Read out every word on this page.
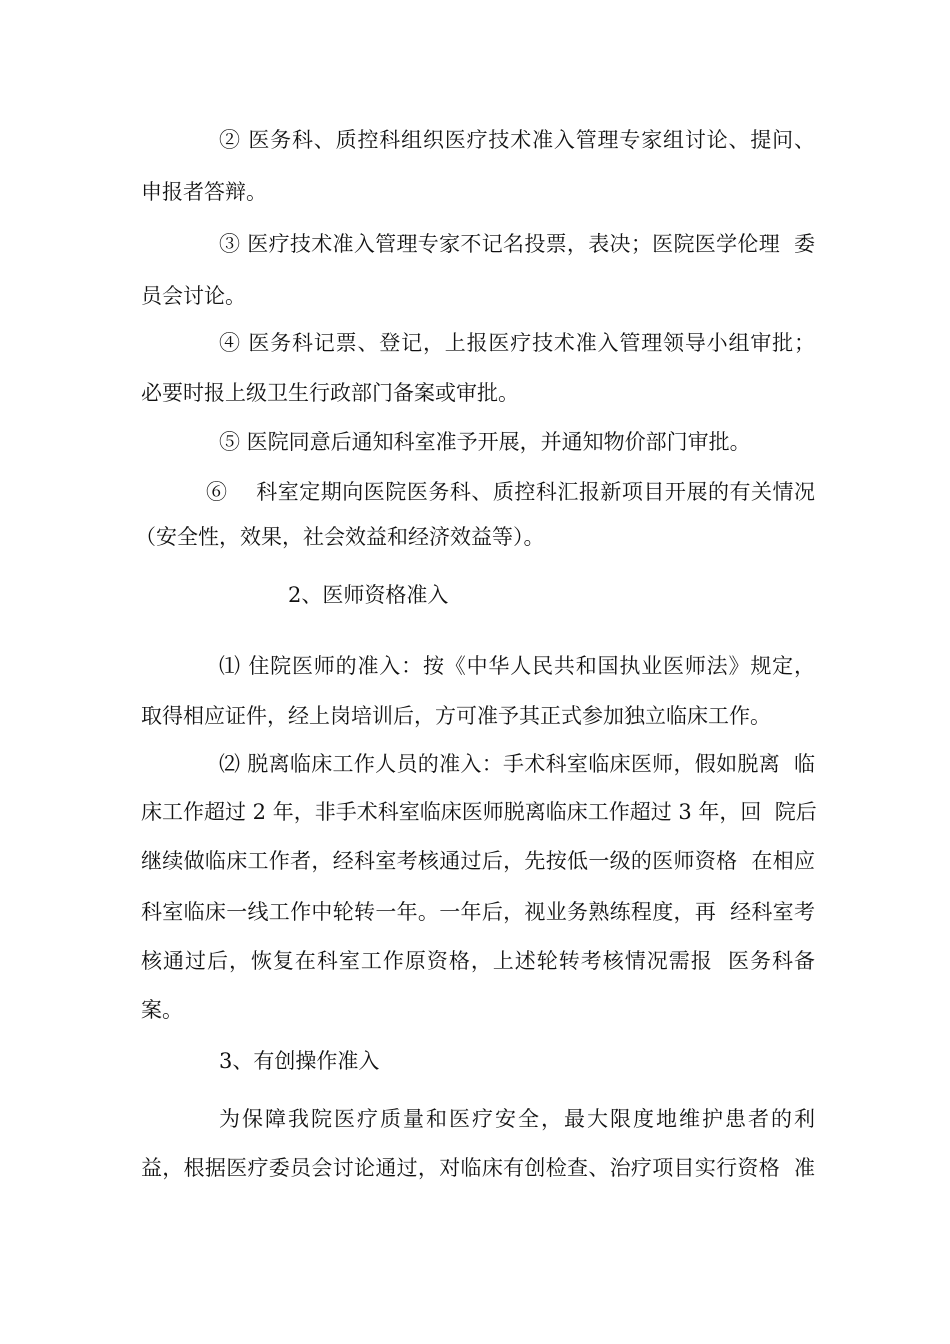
② 医务科、质控科组织医疗技术准入管理专家组讨论、提问、
申报者答辩。
③ 医疗技术准入管理专家不记名投票，表决；医院医学伦理  委
员会讨论。
④ 医务科记票、登记，上报医疗技术准入管理领导小组审批；
必要时报上级卫生行政部门备案或审批。
⑤ 医院同意后通知科室准予开展，并通知物价部门审批。
⑥    科室定期向医院医务科、质控科汇报新项目开展的有关情况
（安全性，效果，社会效益和经济效益等）。
2、医师资格准入
⑴ 住院医师的准入：按《中华人民共和国执业医师法》规定，
取得相应证件，经上岗培训后，方可准予其正式参加独立临床工作。
⑵ 脱离临床工作人员的准入：手术科室临床医师，假如脱离  临
床工作超过 2 年，非手术科室临床医师脱离临床工作超过 3 年，回  院后
继续做临床工作者，经科室考核通过后，先按低一级的医师资格  在相应
科室临床一线工作中轮转一年。一年后，视业务熟练程度，再  经科室考
核通过后，恢复在科室工作原资格，上述轮转考核情况需报  医务科备
案。
3、有创操作准入
为保障我院医疗质量和医疗安全，最大限度地维护患者的利
益，根据医疗委员会讨论通过，对临床有创检查、治疗项目实行资格  准
